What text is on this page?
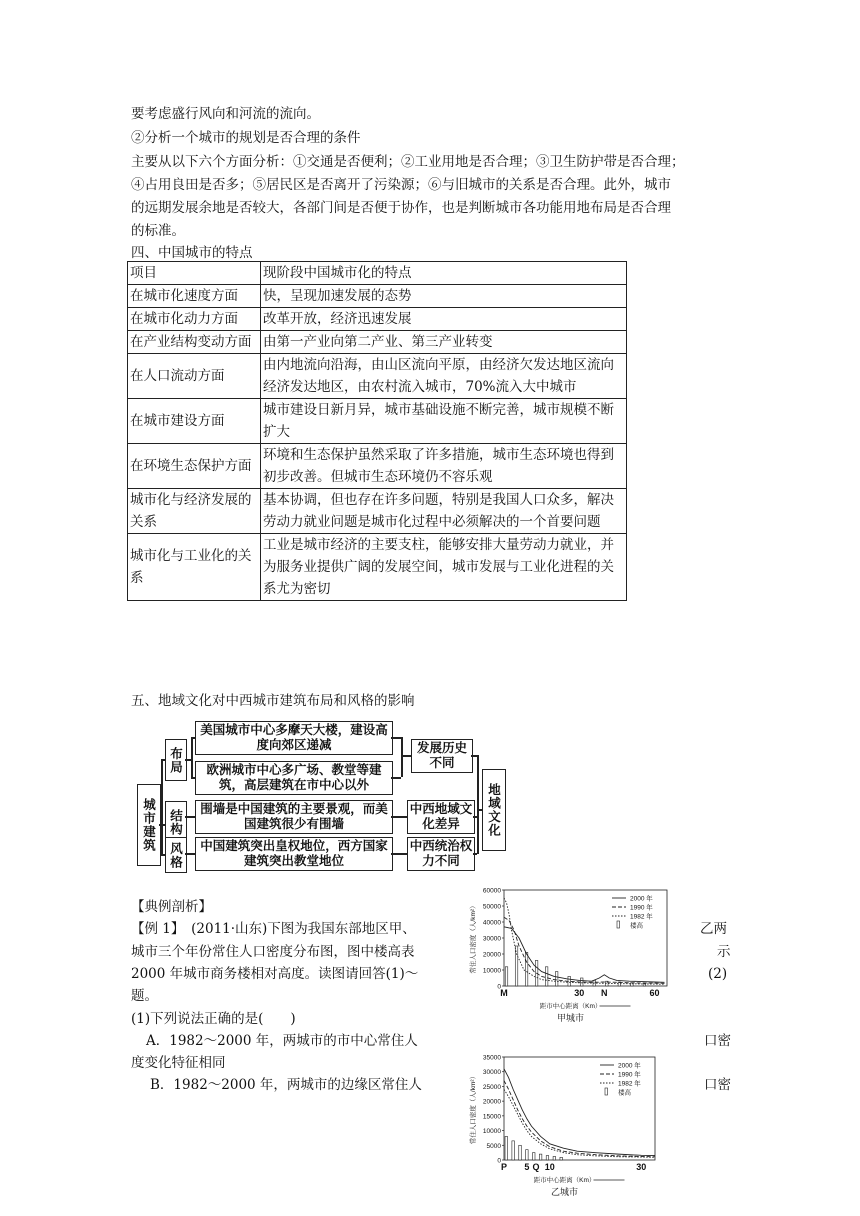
要考虑盛行风向和河流的流向。
②分析一个城市的规划是否合理的条件
主要从以下六个方面分析：①交通是否便利；②工业用地是否合理；③卫生防护带是否合理；
④占用良田是否多；⑤居民区是否离开了污染源；⑥与旧城市的关系是否合理。此外，城市
的远期发展余地是否较大，各部门间是否便于协作，也是判断城市各功能用地布局是否合理
的标准。
四、中国城市的特点
项目	现阶段中国城市化的特点
在城市化速度方面	快，呈现加速发展的态势
在城市化动力方面	改革开放，经济迅速发展
在产业结构变动方面	由第一产业向第二产业、第三产业转变
在人口流动方面	由内地流向沿海，由山区流向平原，由经济欠发达地区流向经济发达地区，由农村流入城市，70%流入大中城市
在城市建设方面	城市建设日新月异，城市基础设施不断完善，城市规模不断扩大
在环境生态保护方面	环境和生态保护虽然采取了许多措施，城市生态环境也得到初步改善。但城市生态环境仍不容乐观
城市化与经济发展的关系	基本协调，但也存在许多问题，特别是我国人口众多，解决劳动力就业问题是城市化过程中必须解决的一个首要问题
城市化与工业化的关系	工业是城市经济的主要支柱，能够安排大量劳动力就业，并为服务业提供广阔的发展空间，城市发展与工业化进程的关系尤为密切
五、地域文化对中西城市建筑布局和风格的影响
城市建筑
布局
结构
风格
美国城市中心多摩天大楼，建设高度向郊区递减
欧洲城市中心多广场、教堂等建筑，高层建筑在市中心以外
围墙是中国建筑的主要景观，而美国建筑很少有围墙
中国建筑突出皇权地位，西方国家建筑突出教堂地位
发展历史不同
中西地域文化差异
中西统治权力不同
地域文化
【典例剖析】
【例 1】　(2011·山东)下图为我国东部地区甲、
城市三个年份常住人口密度分布图，图中楼高表
2000 年城市商务楼相对高度。读图请回答(1)～
题。
(1)下列说法正确的是(　　)
A．1982～2000 年，两城市的市中心常住人
度变化特征相同
B．1982～2000 年，两城市的边缘区常住人
乙两
示
(2)
口密
口密
0
10000
20000
30000
40000
50000
60000
M	30 N	60
2000 年
1990 年
1982 年
楼高
常住人口密度（人/km²）
距市中心距离（Km）
甲城市
0
5000
10000
15000
20000
25000
30000
35000
P 5 Q 10	30
2000 年
1990 年
1982 年
楼高
常住人口密度（人/km²）
距市中心距离（Km）
乙城市
